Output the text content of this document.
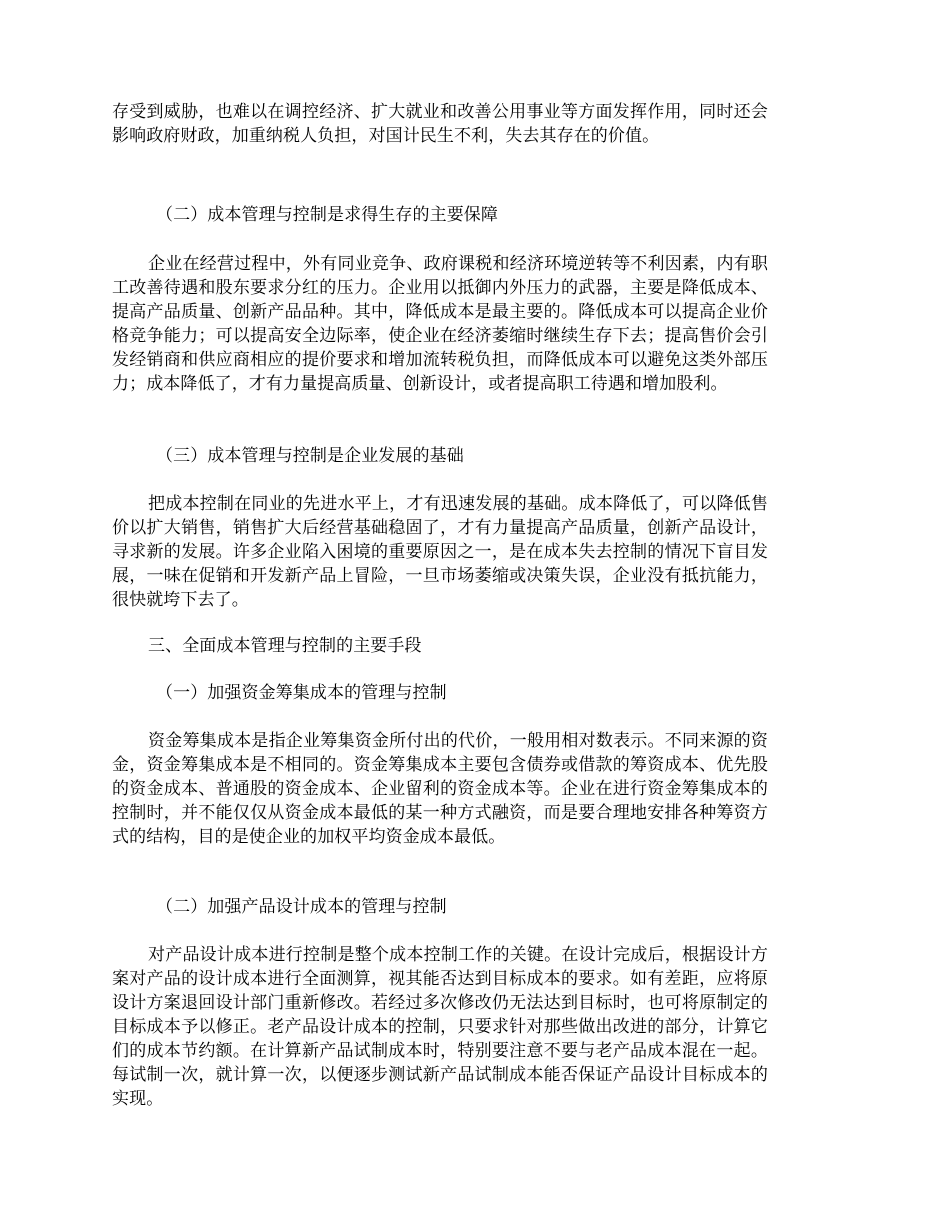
存受到威胁，也难以在调控经济、扩大就业和改善公用事业等方面发挥作用，同时还会影响政府财政，加重纳税人负担，对国计民生不利，失去其存在的价值。

（二）成本管理与控制是求得生存的主要保障

企业在经营过程中，外有同业竞争、政府课税和经济环境逆转等不利因素，内有职工改善待遇和股东要求分红的压力。企业用以抵御内外压力的武器，主要是降低成本、提高产品质量、创新产品品种。其中，降低成本是最主要的。降低成本可以提高企业价格竞争能力；可以提高安全边际率，使企业在经济萎缩时继续生存下去；提高售价会引发经销商和供应商相应的提价要求和增加流转税负担，而降低成本可以避免这类外部压力；成本降低了，才有力量提高质量、创新设计，或者提高职工待遇和增加股利。

（三）成本管理与控制是企业发展的基础

把成本控制在同业的先进水平上，才有迅速发展的基础。成本降低了，可以降低售价以扩大销售，销售扩大后经营基础稳固了，才有力量提高产品质量，创新产品设计，寻求新的发展。许多企业陷入困境的重要原因之一，是在成本失去控制的情况下盲目发展，一味在促销和开发新产品上冒险，一旦市场萎缩或决策失误，企业没有抵抗能力，很快就垮下去了。

三、全面成本管理与控制的主要手段

（一）加强资金筹集成本的管理与控制

资金筹集成本是指企业筹集资金所付出的代价，一般用相对数表示。不同来源的资金，资金筹集成本是不相同的。资金筹集成本主要包含债券或借款的筹资成本、优先股的资金成本、普通股的资金成本、企业留利的资金成本等。企业在进行资金筹集成本的控制时，并不能仅仅从资金成本最低的某一种方式融资，而是要合理地安排各种筹资方式的结构，目的是使企业的加权平均资金成本最低。

（二）加强产品设计成本的管理与控制

对产品设计成本进行控制是整个成本控制工作的关键。在设计完成后，根据设计方案对产品的设计成本进行全面测算，视其能否达到目标成本的要求。如有差距，应将原设计方案退回设计部门重新修改。若经过多次修改仍无法达到目标时，也可将原制定的目标成本予以修正。老产品设计成本的控制，只要求针对那些做出改进的部分，计算它们的成本节约额。在计算新产品试制成本时，特别要注意不要与老产品成本混在一起。每试制一次，就计算一次，以便逐步测试新产品试制成本能否保证产品设计目标成本的实现。
